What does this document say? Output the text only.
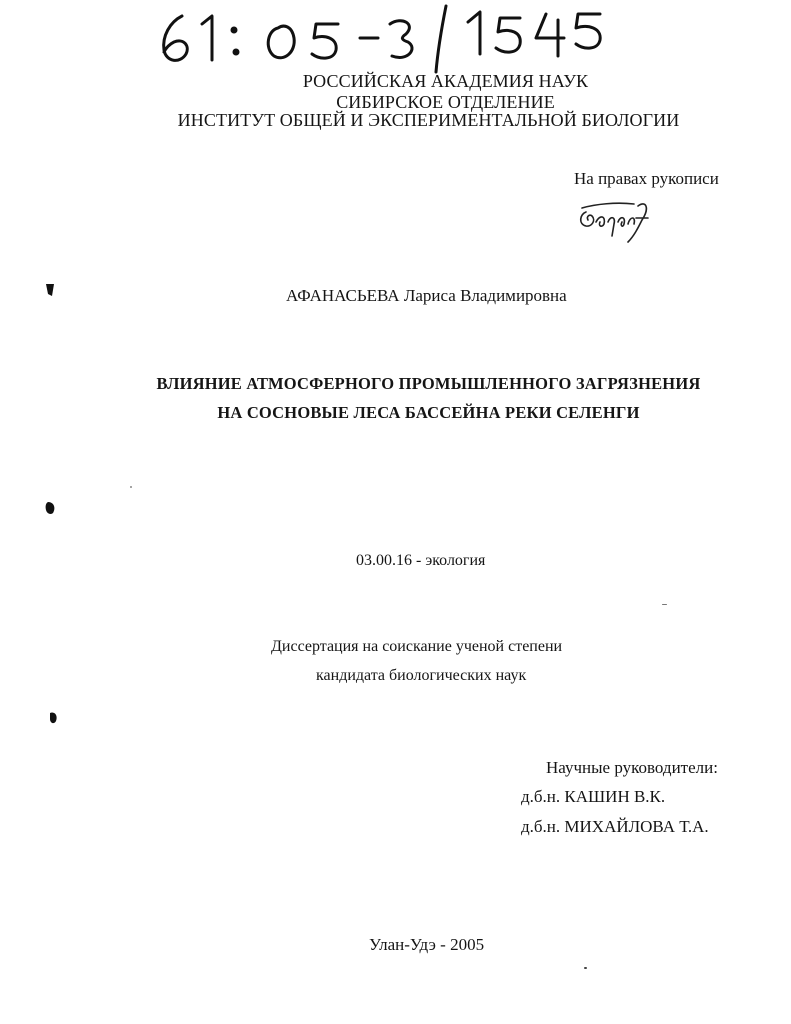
РОССИЙСКАЯ АКАДЕМИЯ НАУК
СИБИРСКОЕ ОТДЕЛЕНИЕ
ИНСТИТУТ ОБЩЕЙ И ЭКСПЕРИМЕНТАЛЬНОЙ БИОЛОГИИ
На правах рукописи
АФАНАСЬЕВА Лариса Владимировна
ВЛИЯНИЕ АТМОСФЕРНОГО ПРОМЫШЛЕННОГО ЗАГРЯЗНЕНИЯ
НА СОСНОВЫЕ ЛЕСА БАССЕЙНА РЕКИ СЕЛЕНГИ
03.00.16 - экология
Диссертация на соискание ученой степени
кандидата биологических наук
Научные руководители:
д.б.н. КАШИН В.К.
д.б.н. МИХАЙЛОВА Т.А.
Улан-Удэ - 2005
